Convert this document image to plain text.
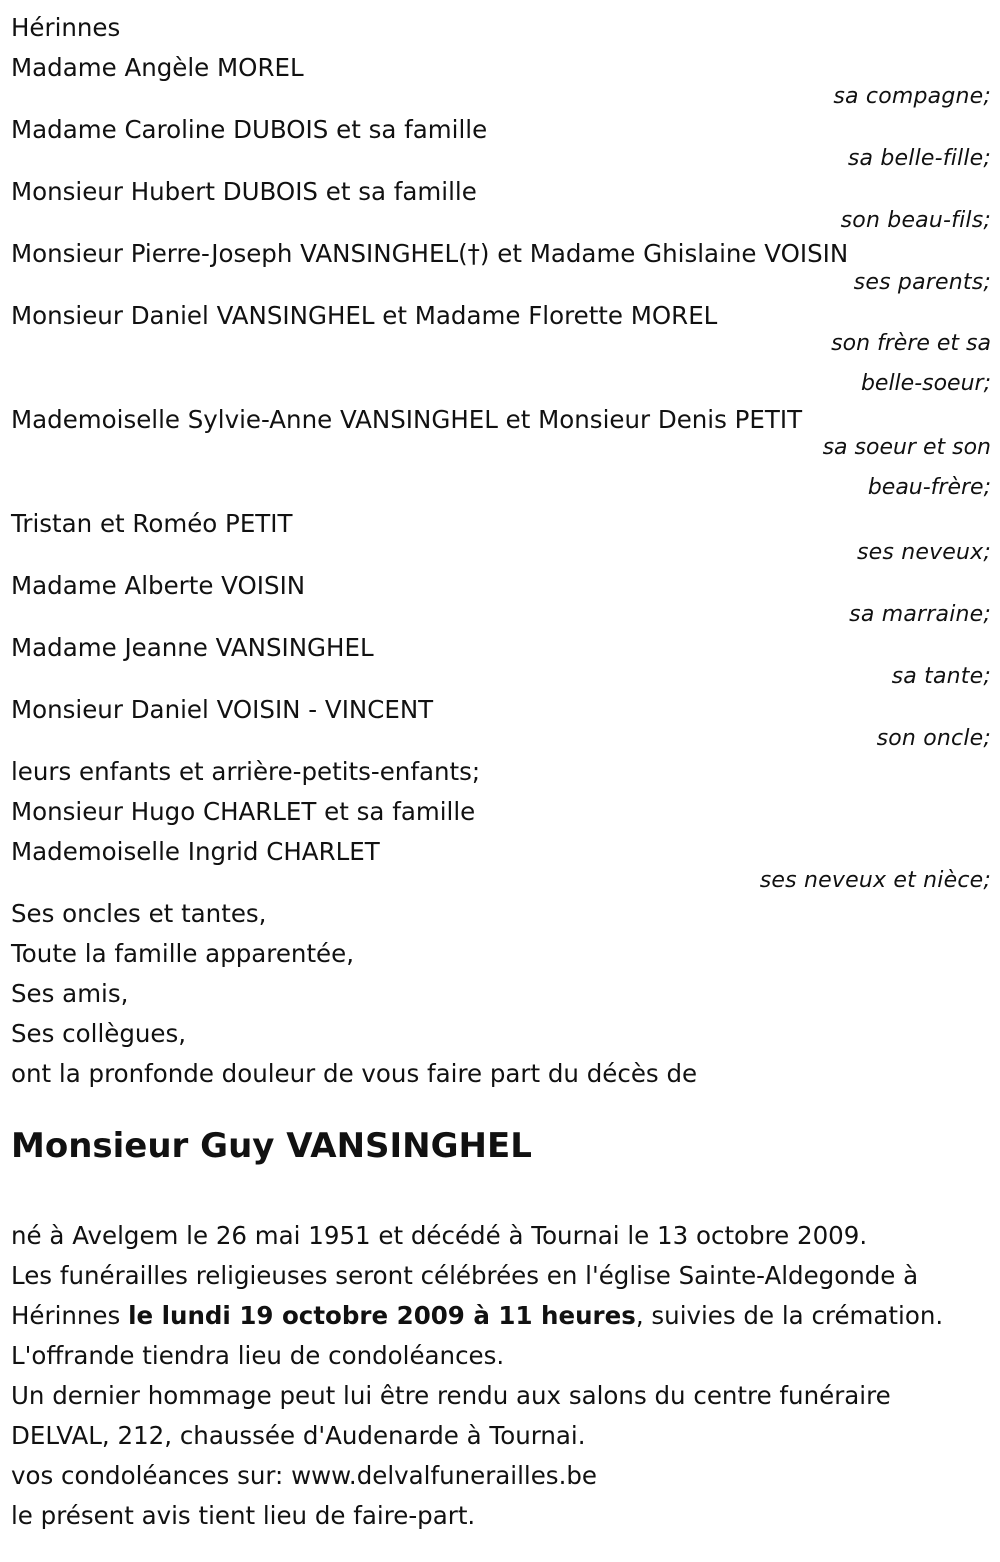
Hérinnes
Madame Angèle MOREL
sa compagne;
Madame Caroline DUBOIS et sa famille
sa belle-fille;
Monsieur Hubert DUBOIS et sa famille
son beau-fils;
Monsieur Pierre-Joseph VANSINGHEL(†) et Madame Ghislaine VOISIN
ses parents;
Monsieur Daniel VANSINGHEL et Madame Florette MOREL
son frère et sa
belle-soeur;
Mademoiselle Sylvie-Anne VANSINGHEL et Monsieur Denis PETIT
sa soeur et son
beau-frère;
Tristan et Roméo PETIT
ses neveux;
Madame Alberte VOISIN
sa marraine;
Madame Jeanne VANSINGHEL
sa tante;
Monsieur Daniel VOISIN - VINCENT
son oncle;
leurs enfants et arrière-petits-enfants;
Monsieur Hugo CHARLET et sa famille
Mademoiselle Ingrid CHARLET
ses neveux et nièce;
Ses oncles et tantes,
Toute la famille apparentée,
Ses amis,
Ses collègues,
ont la pronfonde douleur de vous faire part du décès de
Monsieur Guy VANSINGHEL
né à Avelgem le 26 mai 1951 et décédé à Tournai le 13 octobre 2009.
Les funérailles religieuses seront célébrées en l'église Sainte-Aldegonde à
Hérinnes le lundi 19 octobre 2009 à 11 heures, suivies de la crémation.
L'offrande tiendra lieu de condoléances.
Un dernier hommage peut lui être rendu aux salons du centre funéraire
DELVAL, 212, chaussée d'Audenarde à Tournai.
vos condoléances sur: www.delvalfunerailles.be
le présent avis tient lieu de faire-part.
